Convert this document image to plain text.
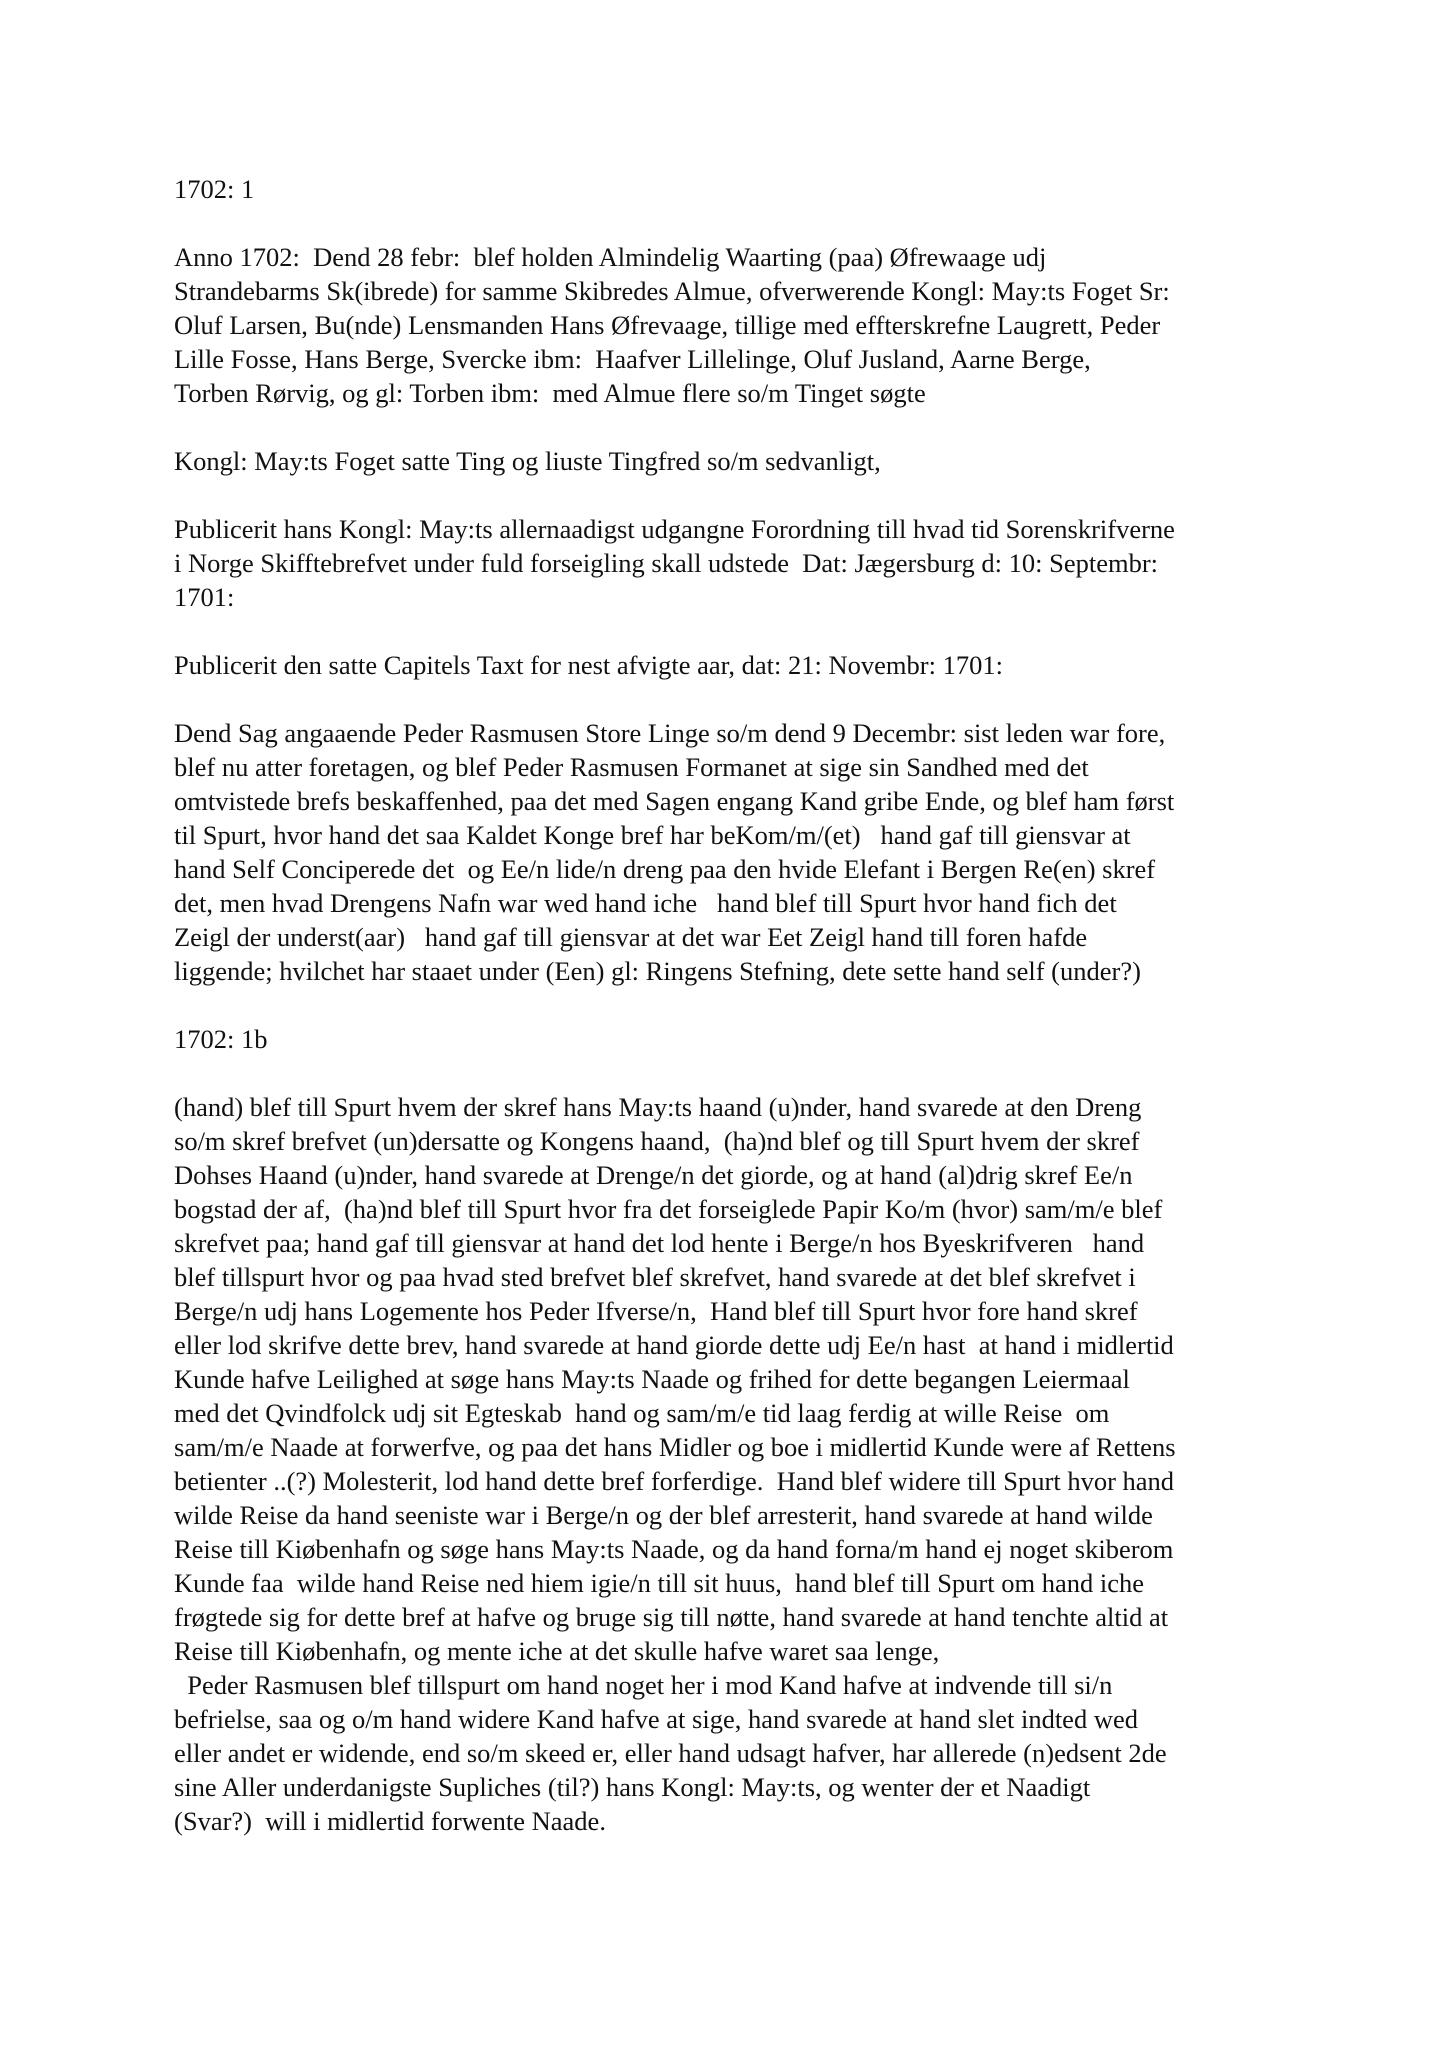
1702: 1
Anno 1702:  Dend 28 febr:  blef holden Almindelig Waarting (paa) Øfrewaage udj
Strandebarms Sk(ibrede) for samme Skibredes Almue, ofverwerende Kongl: May:ts Foget Sr:
Oluf Larsen, Bu(nde) Lensmanden Hans Øfrevaage, tillige med effterskrefne Laugrett, Peder
Lille Fosse, Hans Berge, Svercke ibm:  Haafver Lillelinge, Oluf Jusland, Aarne Berge,
Torben Rørvig, og gl: Torben ibm:  med Almue flere so/m Tinget søgte
Kongl: May:ts Foget satte Ting og liuste Tingfred so/m sedvanligt,
Publicerit hans Kongl: May:ts allernaadigst udgangne Forordning till hvad tid Sorenskrifverne
i Norge Skifftebrefvet under fuld forseigling skall udstede  Dat: Jægersburg d: 10: Septembr:
1701:
Publicerit den satte Capitels Taxt for nest afvigte aar, dat: 21: Novembr: 1701:
Dend Sag angaaende Peder Rasmusen Store Linge so/m dend 9 Decembr: sist leden war fore,
blef nu atter foretagen, og blef Peder Rasmusen Formanet at sige sin Sandhed med det
omtvistede brefs beskaffenhed, paa det med Sagen engang Kand gribe Ende, og blef ham først
til Spurt, hvor hand det saa Kaldet Konge bref har beKom/m/(et)   hand gaf till giensvar at
hand Self Conciperede det  og Ee/n lide/n dreng paa den hvide Elefant i Bergen Re(en) skref
det, men hvad Drengens Nafn war wed hand iche   hand blef till Spurt hvor hand fich det
Zeigl der underst(aar)   hand gaf till giensvar at det war Eet Zeigl hand till foren hafde
liggende; hvilchet har staaet under (Een) gl: Ringens Stefning, dete sette hand self (under?)
1702: 1b
(hand) blef till Spurt hvem der skref hans May:ts haand (u)nder, hand svarede at den Dreng
so/m skref brefvet (un)dersatte og Kongens haand,  (ha)nd blef og till Spurt hvem der skref
Dohses Haand (u)nder, hand svarede at Drenge/n det giorde, og at hand (al)drig skref Ee/n
bogstad der af,  (ha)nd blef till Spurt hvor fra det forseiglede Papir Ko/m (hvor) sam/m/e blef
skrefvet paa; hand gaf till giensvar at hand det lod hente i Berge/n hos Byeskrifveren   hand
blef tillspurt hvor og paa hvad sted brefvet blef skrefvet, hand svarede at det blef skrefvet i
Berge/n udj hans Logemente hos Peder Ifverse/n,  Hand blef till Spurt hvor fore hand skref
eller lod skrifve dette brev, hand svarede at hand giorde dette udj Ee/n hast  at hand i midlertid
Kunde hafve Leilighed at søge hans May:ts Naade og frihed for dette begangen Leiermaal
med det Qvindfolck udj sit Egteskab  hand og sam/m/e tid laag ferdig at wille Reise  om
sam/m/e Naade at forwerfve, og paa det hans Midler og boe i midlertid Kunde were af Rettens
betienter ..(?) Molesterit, lod hand dette bref forferdige.  Hand blef widere till Spurt hvor hand
wilde Reise da hand seeniste war i Berge/n og der blef arresterit, hand svarede at hand wilde
Reise till Kiøbenhafn og søge hans May:ts Naade, og da hand forna/m hand ej noget skiberom
Kunde faa  wilde hand Reise ned hiem igie/n till sit huus,  hand blef till Spurt om hand iche
frøgtede sig for dette bref at hafve og bruge sig till nøtte, hand svarede at hand tenchte altid at
Reise till Kiøbenhafn, og mente iche at det skulle hafve waret saa lenge,
Peder Rasmusen blef tillspurt om hand noget her i mod Kand hafve at indvende till si/n
befrielse, saa og o/m hand widere Kand hafve at sige, hand svarede at hand slet indted wed
eller andet er widende, end so/m skeed er, eller hand udsagt hafver, har allerede (n)edsent 2de
sine Aller underdanigste Supliches (til?) hans Kongl: May:ts, og wenter der et Naadigt
(Svar?)  will i midlertid forwente Naade.
